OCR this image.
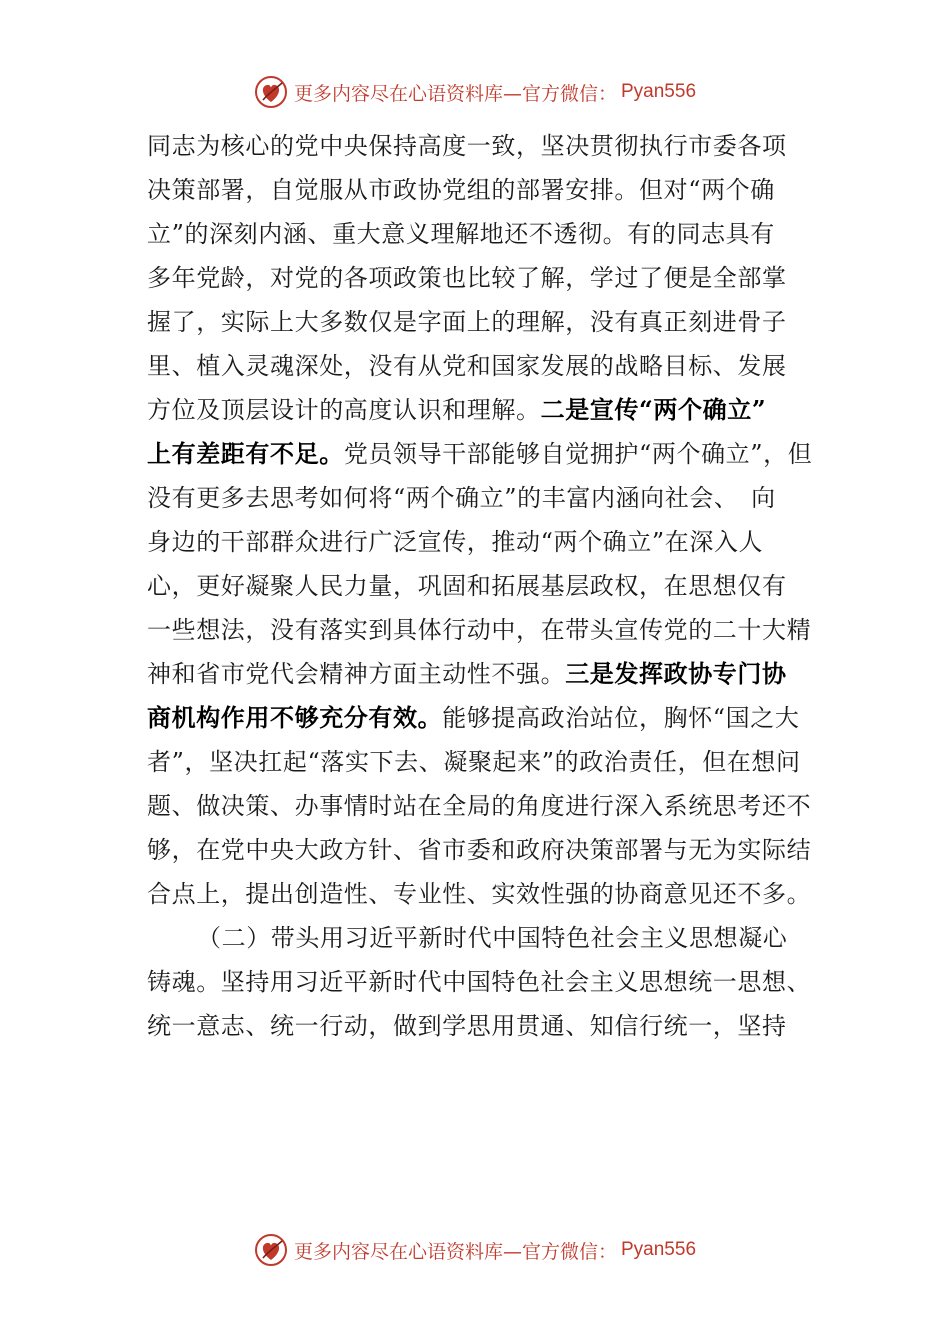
更多内容尽在心语资料库—官方微信： Pyan556
同志为核心的党中央保持高度一致，坚决贯彻执行市委各项
决策部署，自觉服从市政协党组的部署安排。但对“两个确
立”的深刻内涵、重大意义理解地还不透彻。有的同志具有
多年党龄，对党的各项政策也比较了解，学过了便是全部掌
握了，实际上大多数仅是字面上的理解，没有真正刻进骨子
里、植入灵魂深处，没有从党和国家发展的战略目标、发展
方位及顶层设计的高度认识和理解。二是宣传“两个确立”
上有差距有不足。党员领导干部能够自觉拥护“两个确立”，但
没有更多去思考如何将“两个确立”的丰富内涵向社会、　向
身边的干部群众进行广泛宣传，推动“两个确立”在深入人
心，更好凝聚人民力量，巩固和拓展基层政权，在思想仅有
一些想法，没有落实到具体行动中，在带头宣传党的二十大精
神和省市党代会精神方面主动性不强。三是发挥政协专门协
商机构作用不够充分有效。能够提高政治站位，胸怀“国之大
者”，坚决扛起“落实下去、凝聚起来”的政治责任，但在想问
题、做决策、办事情时站在全局的角度进行深入系统思考还不
够，在党中央大政方针、省市委和政府决策部署与无为实际结
合点上，提出创造性、专业性、实效性强的协商意见还不多。
（二）带头用习近平新时代中国特色社会主义思想凝心
铸魂。坚持用习近平新时代中国特色社会主义思想统一思想、
统一意志、统一行动，做到学思用贯通、知信行统一，坚持
更多内容尽在心语资料库—官方微信： Pyan556
